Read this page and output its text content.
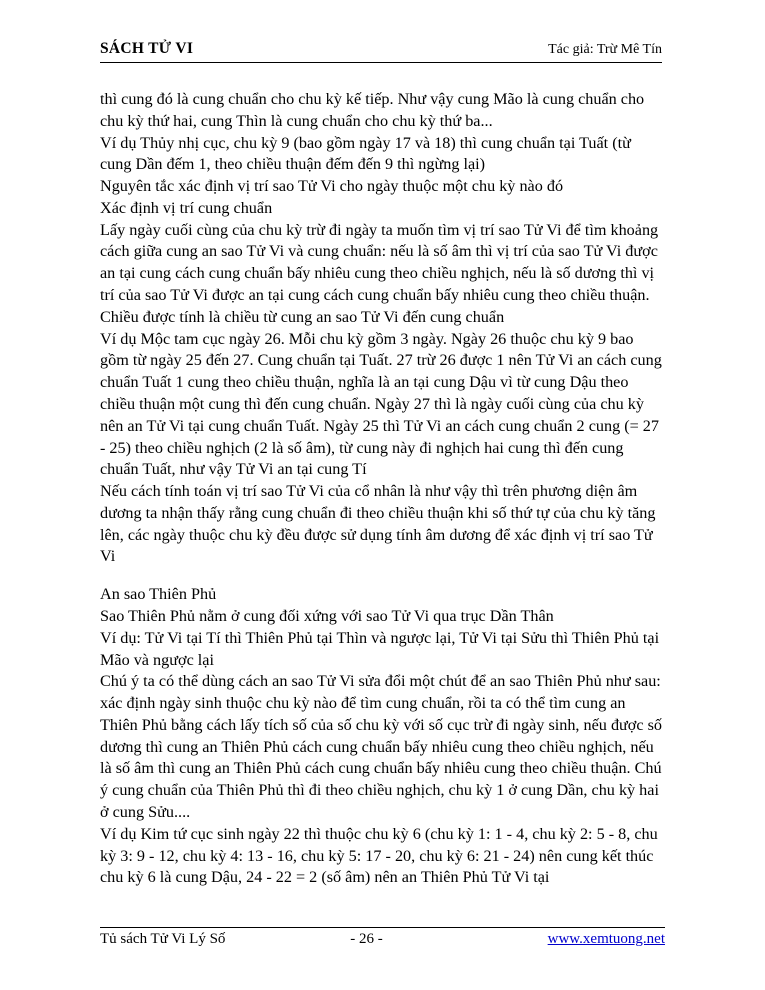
SÁCH TỬ VI	Tác giả: Trừ Mê Tín

thì cung đó là cung chuẩn cho chu kỳ kế tiếp. Như vậy cung Mão là cung chuẩn cho chu kỳ thứ hai, cung Thìn là cung chuẩn cho chu kỳ thứ ba...

Ví dụ Thủy nhị cục, chu kỳ 9 (bao gồm ngày 17 và 18) thì cung chuẩn tại Tuất (từ cung Dần đếm 1, theo chiều thuận đếm đến 9 thì ngừng lại)

Nguyên tắc xác định vị trí sao Tử Vi cho ngày thuộc một chu kỳ nào đó

Xác định vị trí cung chuẩn

Lấy ngày cuối cùng của chu kỳ trừ đi ngày ta muốn tìm vị trí sao Tử Vi để tìm khoảng cách giữa cung an sao Tử Vi và cung chuẩn: nếu là số âm thì vị trí của sao Tử Vi được an tại cung cách cung chuẩn bấy nhiêu cung theo chiều nghịch, nếu là số dương thì vị trí của sao Tử Vi được an tại cung cách cung chuẩn bấy nhiêu cung theo chiều thuận. Chiều được tính là chiều từ cung an sao Tử Vi đến cung chuẩn

Ví dụ Mộc tam cục ngày 26. Mỗi chu kỳ gồm 3 ngày. Ngày 26 thuộc chu kỳ 9 bao gồm từ ngày 25 đến 27. Cung chuẩn tại Tuất. 27 trừ 26 được 1 nên Tử Vi an cách cung chuẩn Tuất 1 cung theo chiều thuận, nghĩa là an tại cung Dậu vì từ cung Dậu theo chiều thuận một cung thì đến cung chuẩn. Ngày 27 thì là ngày cuối cùng của chu kỳ nên an Tử Vi tại cung chuẩn Tuất. Ngày 25 thì Tử Vi an cách cung chuẩn 2 cung (= 27 - 25) theo chiều nghịch (2 là số âm), từ cung này đi nghịch hai cung thì đến cung chuẩn Tuất, như vậy Tử Vi an tại cung Tí

Nếu cách tính toán vị trí sao Tử Vi của cổ nhân là như vậy thì trên phương diện âm dương ta nhận thấy rằng cung chuẩn đi theo chiều thuận khi số thứ tự của chu kỳ tăng lên, các ngày thuộc chu kỳ đều được sử dụng tính âm dương để xác định vị trí sao Tử Vi

An sao Thiên Phủ

Sao Thiên Phủ nằm ở cung đối xứng với sao Tử Vi qua trục Dần Thân

Ví dụ: Tử Vi tại Tí thì Thiên Phủ tại Thìn và ngược lại, Tử Vi tại Sửu thì Thiên Phủ tại Mão và ngược lại

Chú ý ta có thể dùng cách an sao Tử Vi sửa đổi một chút để an sao Thiên Phủ như sau: xác định ngày sinh thuộc chu kỳ nào để tìm cung chuẩn, rồi ta có thể tìm cung an Thiên Phủ bằng cách lấy tích số của số chu kỳ với số cục trừ đi ngày sinh, nếu được số dương thì cung an Thiên Phủ cách cung chuẩn bấy nhiêu cung theo chiều nghịch, nếu là số âm thì cung an Thiên Phủ cách cung chuẩn bấy nhiêu cung theo chiều thuận. Chú ý cung chuẩn của Thiên Phủ thì đi theo chiều nghịch, chu kỳ 1 ở cung Dần, chu kỳ hai ở cung Sửu....

Ví dụ Kim tứ cục sinh ngày 22 thì thuộc chu kỳ 6 (chu kỳ 1: 1 - 4, chu kỳ 2: 5 - 8, chu kỳ 3: 9 - 12, chu kỳ 4: 13 - 16, chu kỳ 5: 17 - 20, chu kỳ 6: 21 - 24) nên cung kết thúc chu kỳ 6 là cung Dậu, 24 - 22 = 2 (số âm) nên an Thiên Phủ Tử Vi tại

Tủ sách Tử Vi Lý Số	- 26 -	www.xemtuong.net
